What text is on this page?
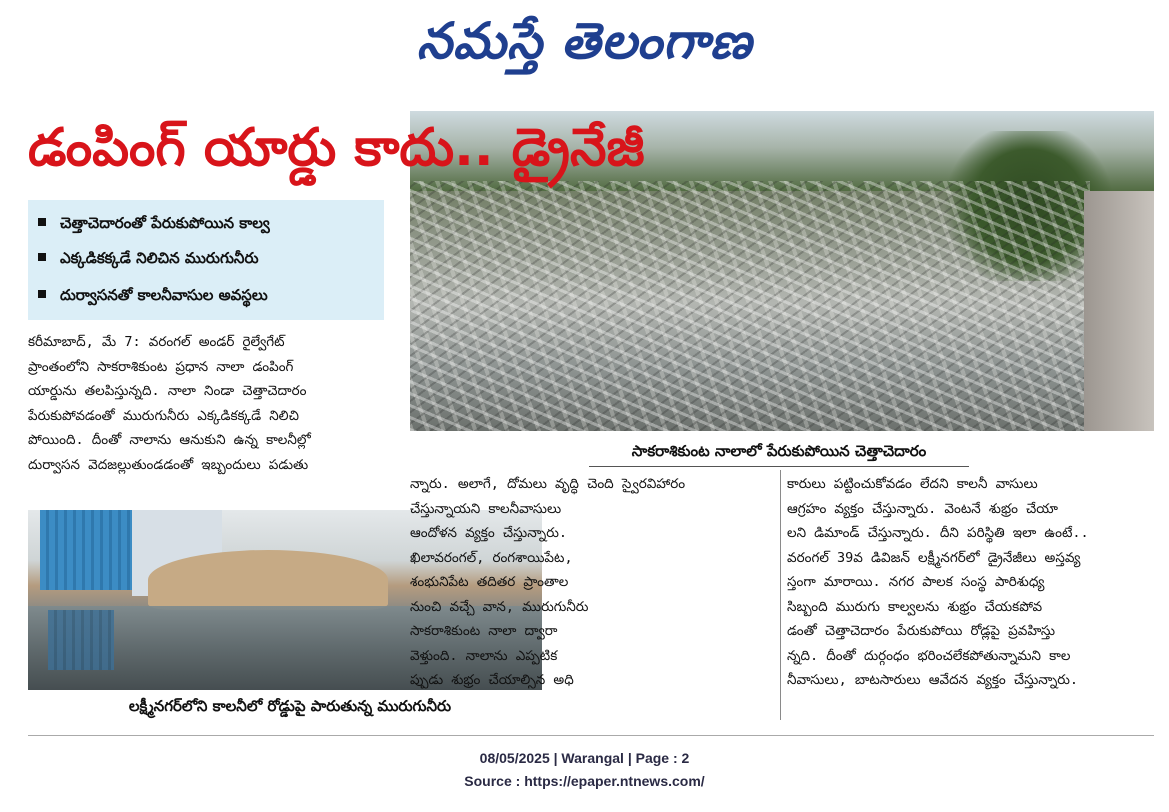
నమస్తే తెలంగాణ
డంపింగ్ యార్డు కాదు.. డ్రైనేజీ
చెత్తాచెదారంతో పేరుకుపోయిన కాల్వ
ఎక్కడికక్కడే నిలిచిన మురుగునీరు
దుర్వాసనతో కాలనీవాసుల అవస్థలు
సాకరాశికుంట నాలాలో పేరుకుపోయిన చెత్తాచెదారం
కరీమాబాద్, మే 7: వరంగల్ అండర్ రైల్వేగేట్
ప్రాంతంలోని సాకరాశికుంట ప్రధాన నాలా డంపింగ్
యార్డును తలపిస్తున్నది. నాలా నిండా చెత్తాచెదారం
పేరుకుపోవడంతో మురుగునీరు ఎక్కడికక్కడే నిలిచి
పోయింది. దీంతో నాలాను ఆనుకుని ఉన్న కాలనీల్లో
దుర్వాసన వెదజల్లుతుండడంతో ఇబ్బందులు పడుతు
లక్ష్మీనగర్‌లోని కాలనీలో రోడ్డుపై పారుతున్న మురుగునీరు
న్నారు. అలాగే, దోమలు వృద్ధి చెంది స్వైరవిహారం
చేస్తున్నాయని కాలనీవాసులు
ఆందోళన వ్యక్తం చేస్తున్నారు.
ఖిలావరంగల్, రంగశాయిపేట,
శంభునిపేట తదితర ప్రాంతాల
నుంచి వచ్చే వాన, మురుగునీరు
సాకరాశికుంట నాలా ద్వారా
వెళ్తుంది. నాలాను ఎప్పటిక
ప్పుడు శుభ్రం చేయాల్సిన అధి
కారులు పట్టించుకోవడం లేదని కాలనీ వాసులు
ఆగ్రహం వ్యక్తం చేస్తున్నారు. వెంటనే శుభ్రం చేయా
లని డిమాండ్ చేస్తున్నారు. దీని పరిస్థితి ఇలా ఉంటే..
వరంగల్ 39వ డివిజన్ లక్ష్మీనగర్‌లో డ్రైనేజీలు అస్తవ్య
స్తంగా మారాయి. నగర పాలక సంస్థ పారిశుధ్య
సిబ్బంది మురుగు కాల్వలను శుభ్రం చేయకపోవ
డంతో చెత్తాచెదారం పేరుకుపోయి రోడ్లపై ప్రవహిస్తు
న్నది. దీంతో దుర్గంధం భరించలేకపోతున్నామని కాల
నీవాసులు, బాటసారులు ఆవేదన వ్యక్తం చేస్తున్నారు.
08/05/2025 | Warangal | Page : 2
Source : https://epaper.ntnews.com/
